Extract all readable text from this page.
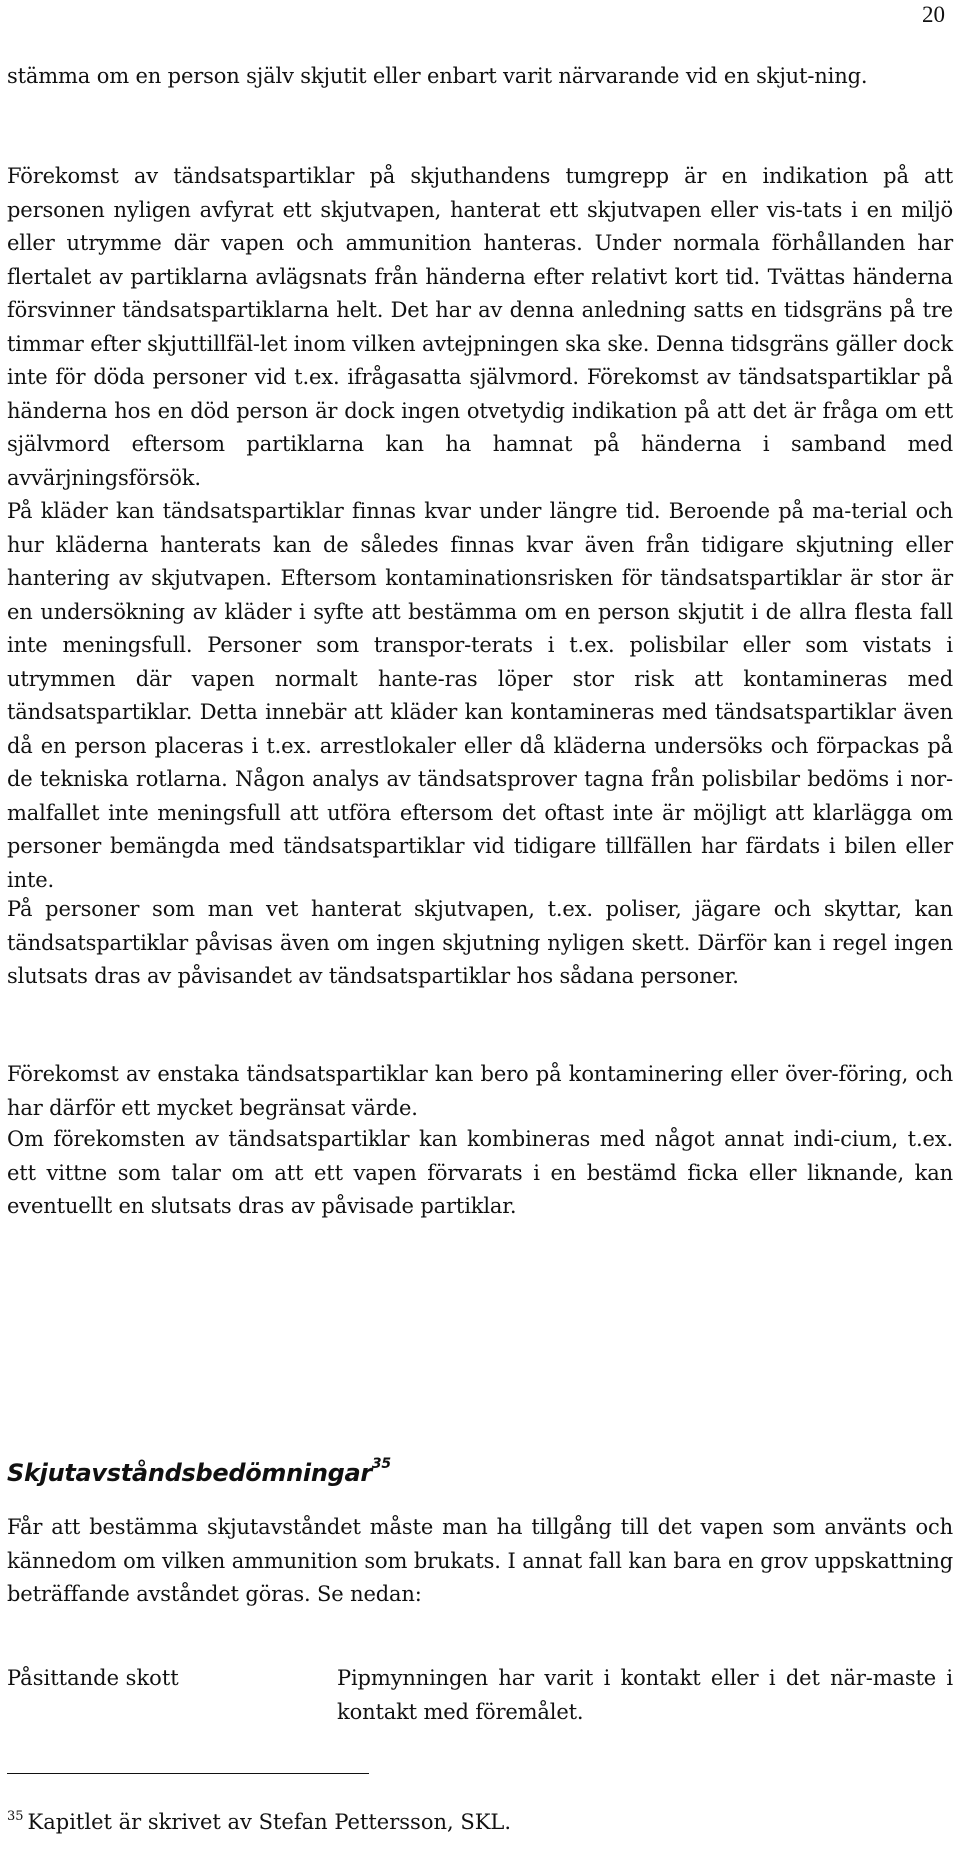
20

stämma om en person själv skjutit eller enbart varit närvarande vid en skjut-ning.

Förekomst av tändsatspartiklar på skjuthandens tumgrepp är en indikation på att personen nyligen avfyrat ett skjutvapen, hanterat ett skjutvapen eller vis-tats i en miljö eller utrymme där vapen och ammunition hanteras. Under normala förhållanden har flertalet av partiklarna avlägsnats från händerna efter relativt kort tid. Tvättas händerna försvinner tändsatspartiklarna helt. Det har av denna anledning satts en tidsgräns på tre timmar efter skjuttillfäl-let inom vilken avtejpningen ska ske. Denna tidsgräns gäller dock inte för döda personer vid t.ex. ifrågasatta självmord. Förekomst av tändsatspartiklar på händerna hos en död person är dock ingen otvetydig indikation på att det är fråga om ett självmord eftersom partiklarna kan ha hamnat på händerna i samband med avvärjningsförsök.

På kläder kan tändsatspartiklar finnas kvar under längre tid. Beroende på ma-terial och hur kläderna hanterats kan de således finnas kvar även från tidigare skjutning eller hantering av skjutvapen. Eftersom kontaminationsrisken för tändsatspartiklar är stor är en undersökning av kläder i syfte att bestämma om en person skjutit i de allra flesta fall inte meningsfull. Personer som transpor-terats i t.ex. polisbilar eller som vistats i utrymmen där vapen normalt hante-ras löper stor risk att kontamineras med tändsatspartiklar. Detta innebär att kläder kan kontamineras med tändsatspartiklar även då en person placeras i t.ex. arrestlokaler eller då kläderna undersöks och förpackas på de tekniska rotlarna. Någon analys av tändsatsprover tagna från polisbilar bedöms i nor-malfallet inte meningsfull att utföra eftersom det oftast inte är möjligt att klarlägga om personer bemängda med tändsatspartiklar vid tidigare tillfällen har färdats i bilen eller inte.

På personer som man vet hanterat skjutvapen, t.ex. poliser, jägare och skyttar, kan tändsatspartiklar påvisas även om ingen skjutning nyligen skett. Därför kan i regel ingen slutsats dras av påvisandet av tändsatspartiklar hos sådana personer.

Förekomst av enstaka tändsatspartiklar kan bero på kontaminering eller över-föring, och har därför ett mycket begränsat värde.

Om förekomsten av tändsatspartiklar kan kombineras med något annat indi-cium, t.ex. ett vittne som talar om att ett vapen förvarats i en bestämd ficka eller liknande, kan eventuellt en slutsats dras av påvisade partiklar.

Skjutavståndsbedömningar$^{35}$

Får att bestämma skjutavståndet måste man ha tillgång till det vapen som använts och kännedom om vilken ammunition som brukats. I annat fall kan bara en grov uppskattning beträffande avståndet göras. Se nedan:

Påsittande skott	Pipmynningen har varit i kontakt eller i det när-maste i kontakt med föremålet.
$^{35}$ Kapitlet är skrivet av Stefan Pettersson, SKL.
